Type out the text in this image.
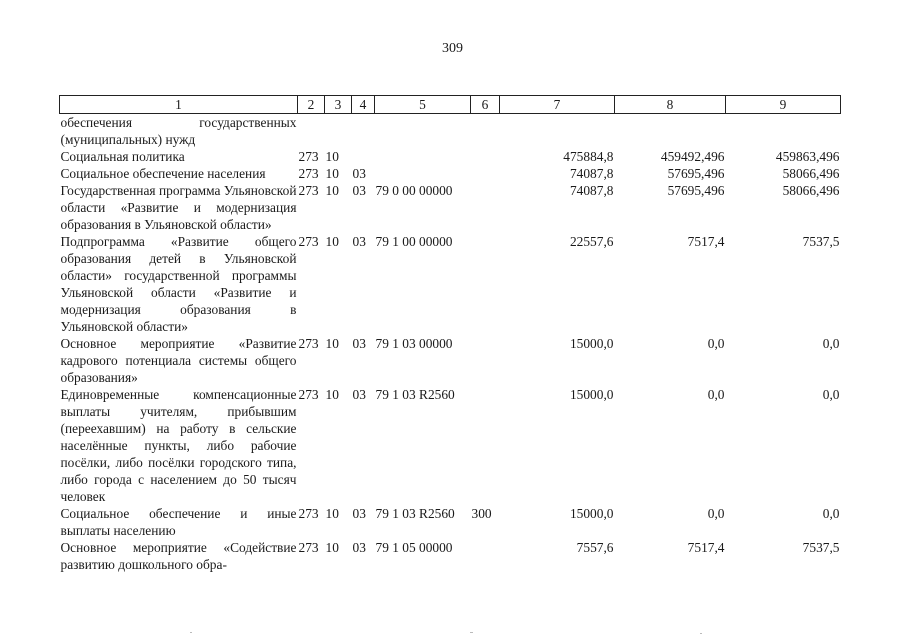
309
1	2	3	4	5	6	7	8	9
обеспечения государственных (муниципальных) нужд								
Социальная политика	273	10				475884,8	459492,496	459863,496
Социальное обеспечение населения	273	10	03			74087,8	57695,496	58066,496
Государственная программа Ульяновской области «Развитие и модернизация образования в Ульяновской области»	273	10	03	79 0 00 00000		74087,8	57695,496	58066,496
Подпрограмма «Развитие общего образования детей в Ульяновской области» государственной программы Ульяновской области «Развитие и модернизация образования в Ульяновской области»	273	10	03	79 1 00 00000		22557,6	7517,4	7537,5
Основное мероприятие «Развитие кадрового потенциала системы общего образования»	273	10	03	79 1 03 00000		15000,0	0,0	0,0
Единовременные компенсационные выплаты учителям, прибывшим (переехавшим) на работу в сельские населённые пункты, либо рабочие посёлки, либо посёлки городского типа, либо города с населением до 50 тысяч человек	273	10	03	79 1 03 R2560		15000,0	0,0	0,0
Социальное обеспечение и иные выплаты населению	273	10	03	79 1 03 R2560	300	15000,0	0,0	0,0
Основное мероприятие «Содействие развитию дошкольного обра-	273	10	03	79 1 05 00000		7557,6	7517,4	7537,5
